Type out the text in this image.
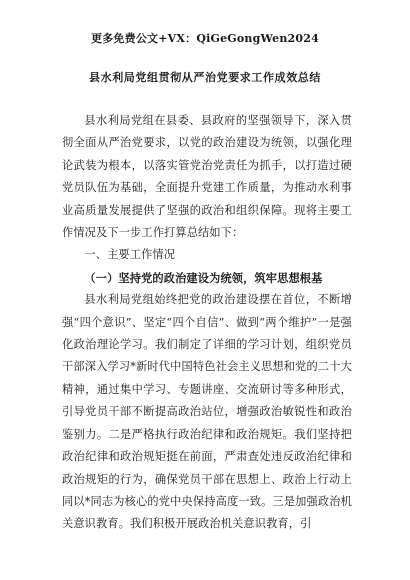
更多免费公文+VX：QiGeGongWen2024
县水利局党组贯彻从严治党要求工作成效总结

县水利局党组在县委、县政府的坚强领导下，深入贯彻全面从严治党要求，以党的政治建设为统领，以强化理论武装为根本，以落实管党治党责任为抓手，以打造过硬党员队伍为基础，全面提升党建工作质量，为推动水利事业高质量发展提供了坚强的政治和组织保障。现将主要工作情况及下一步工作打算总结如下：

一、主要工作情况

（一）坚持党的政治建设为统领，筑牢思想根基

县水利局党组始终把党的政治建设摆在首位，不断增强“四个意识”、坚定“四个自信”、做到“两个维护”一是强化政治理论学习。我们制定了详细的学习计划，组织党员干部深入学习*新时代中国特色社会主义思想和党的二十大精神，通过集中学习、专题讲座、交流研讨等多种形式，引导党员干部不断提高政治站位，增强政治敏锐性和政治鉴别力。二是严格执行政治纪律和政治规矩。我们坚持把政治纪律和政治规矩挺在前面，严肃查处违反政治纪律和政治规矩的行为，确保党员干部在思想上、政治上行动上同以*同志为核心的党中央保持高度一致。三是加强政治机关意识教育。我们积极开展政治机关意识教育，引
